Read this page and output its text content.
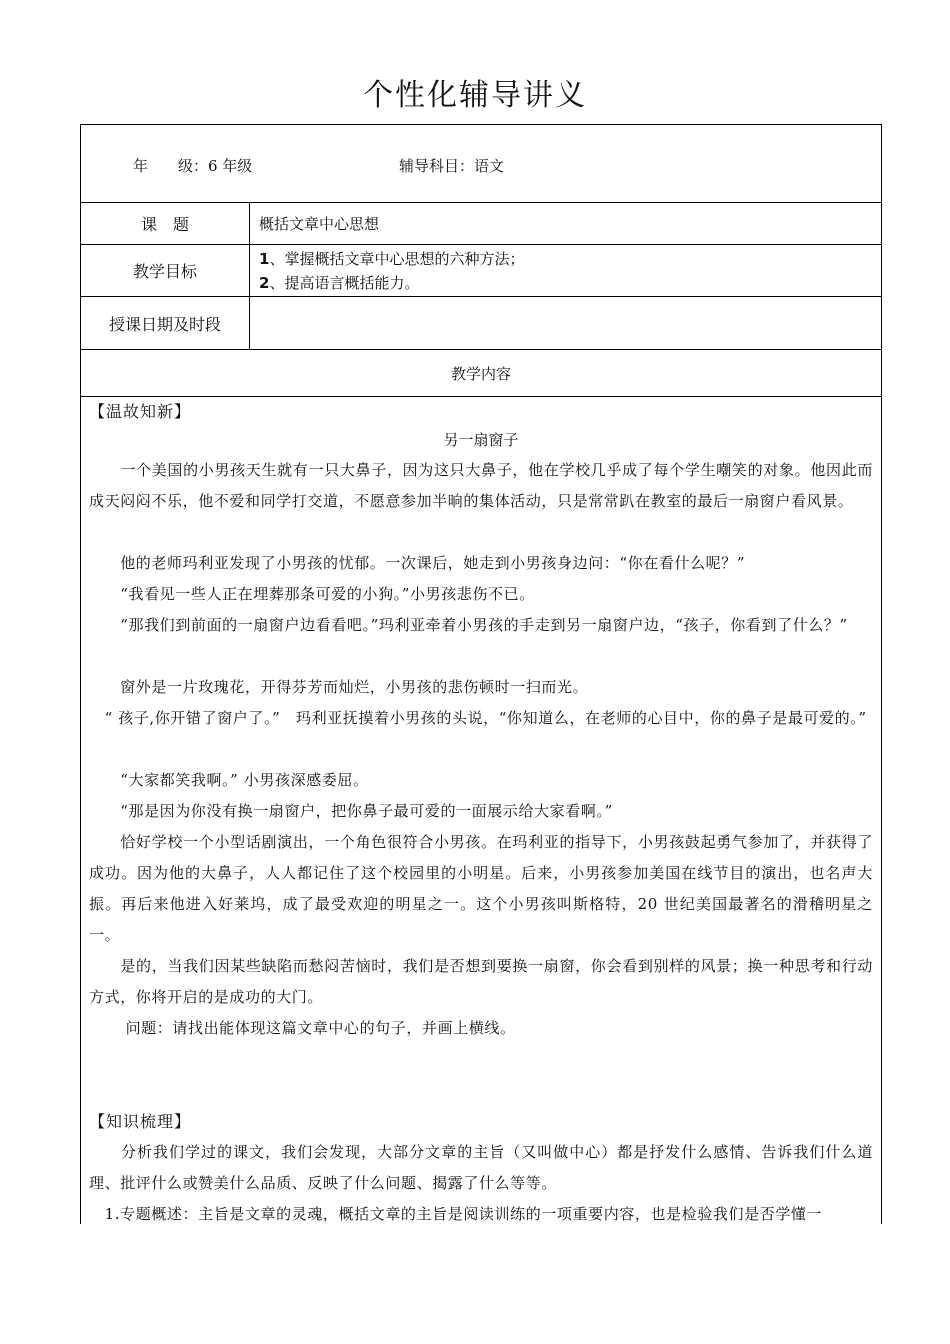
个性化辅导讲义
年　　级：6 年级	辅导科目：语文
课　题	概括文章中心思想
教学目标
1、掌握概括文章中心思想的六种方法；
2、提高语言概括能力。
授课日期及时段
教学内容
【温故知新】
另一扇窗子
　　一个美国的小男孩天生就有一只大鼻子，因为这只大鼻子，他在学校几乎成了每个学生嘲笑的对象。他因此而成天闷闷不乐，他不爱和同学打交道，不愿意参加半晌的集体活动，只是常常趴在教室的最后一扇窗户看风景。
　　他的老师玛利亚发现了小男孩的忧郁。一次课后，她走到小男孩身边问：“你在看什么呢？”
　　“我看见一些人正在埋葬那条可爱的小狗。”小男孩悲伤不已。
　　“那我们到前面的一扇窗户边看看吧。”玛利亚牵着小男孩的手走到另一扇窗户边，“孩子，你看到了什么？”
　　窗外是一片玫瑰花，开得芬芳而灿烂，小男孩的悲伤顿时一扫而光。
　“ 孩子,你开错了窗户了。”　玛利亚抚摸着小男孩的头说，“你知道么，在老师的心目中，你的鼻子是最可爱的。”
　　“大家都笑我啊。” 小男孩深感委屈。
　　“那是因为你没有换一扇窗户，把你鼻子最可爱的一面展示给大家看啊。”
　　恰好学校一个小型话剧演出，一个角色很符合小男孩。在玛利亚的指导下，小男孩鼓起勇气参加了，并获得了成功。因为他的大鼻子，人人都记住了这个校园里的小明星。后来，小男孩参加美国在线节目的演出，也名声大振。再后来他进入好莱坞，成了最受欢迎的明星之一。这个小男孩叫斯格特，20 世纪美国最著名的滑稽明星之一。
　　是的，当我们因某些缺陷而愁闷苦恼时，我们是否想到要换一扇窗，你会看到别样的风景；换一种思考和行动方式，你将开启的是成功的大门。
　　 问题：请找出能体现这篇文章中心的句子，并画上横线。
【知识梳理】
　　分析我们学过的课文，我们会发现，大部分文章的主旨（又叫做中心）都是抒发什么感情、告诉我们什么道理、批评什么或赞美什么品质、反映了什么问题、揭露了什么等等。
　1.专题概述：主旨是文章的灵魂，概括文章的主旨是阅读训练的一项重要内容，也是检验我们是否学懂一
